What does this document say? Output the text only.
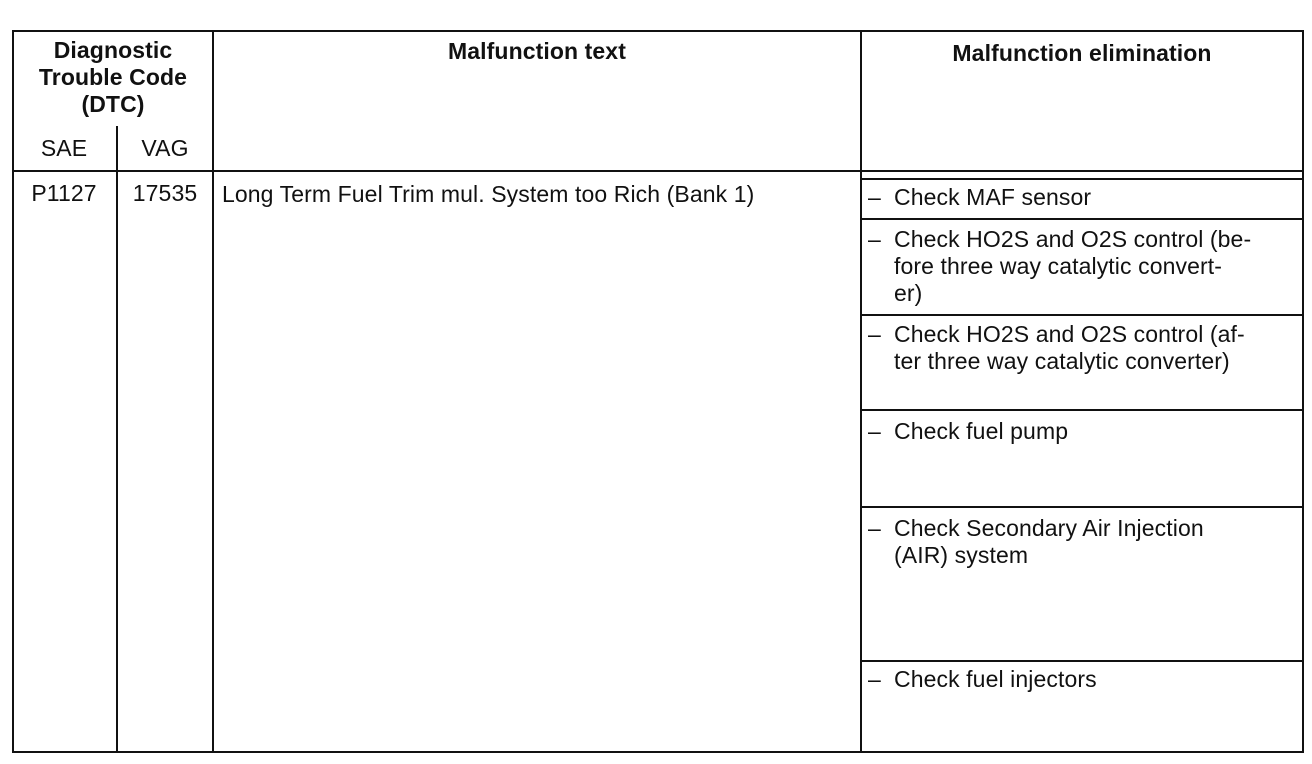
Diagnostic
Trouble Code
(DTC)
SAE	VAG
Malfunction text	Malfunction elimination
P1127	17535	Long Term Fuel Trim mul. System too Rich (Bank 1)	– Check MAF sensor
– Check HO2S and O2S control (be-
fore three way catalytic convert-
er)
– Check HO2S and O2S control (af-
ter three way catalytic converter)
– Check fuel pump
– Check Secondary Air Injection
(AIR) system
– Check fuel injectors
